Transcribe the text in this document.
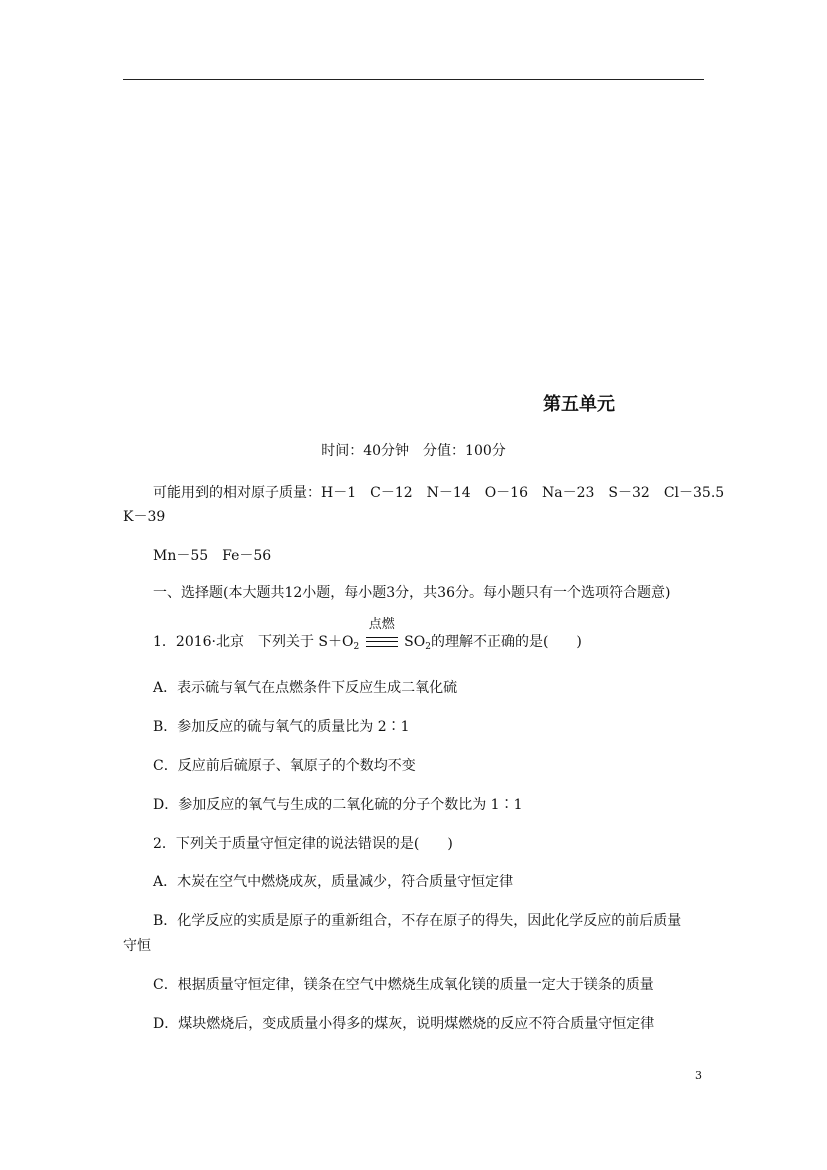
第五单元
时间：40分钟　分值：100分
可能用到的相对原子质量：H－1　C－12　N－14　O－16　Na－23　S－32　Cl－35.5
K－39
Mn－55　Fe－56
一、选择题(本大题共12小题，每小题3分，共36分。每小题只有一个选项符合题意)
1．2016·北京　下列关于 $S+O_2$
点燃
$SO_2$的理解不正确的是(　　)
A．表示硫与氧气在点燃条件下反应生成二氧化硫
B．参加反应的硫与氧气的质量比为 2∶1
C．反应前后硫原子、氧原子的个数均不变
D．参加反应的氧气与生成的二氧化硫的分子个数比为 1∶1
2．下列关于质量守恒定律的说法错误的是(　　)
A．木炭在空气中燃烧成灰，质量减少，符合质量守恒定律
B．化学反应的实质是原子的重新组合，不存在原子的得失，因此化学反应的前后质量
守恒
C．根据质量守恒定律，镁条在空气中燃烧生成氧化镁的质量一定大于镁条的质量
D．煤块燃烧后，变成质量小得多的煤灰，说明煤燃烧的反应不符合质量守恒定律
3
